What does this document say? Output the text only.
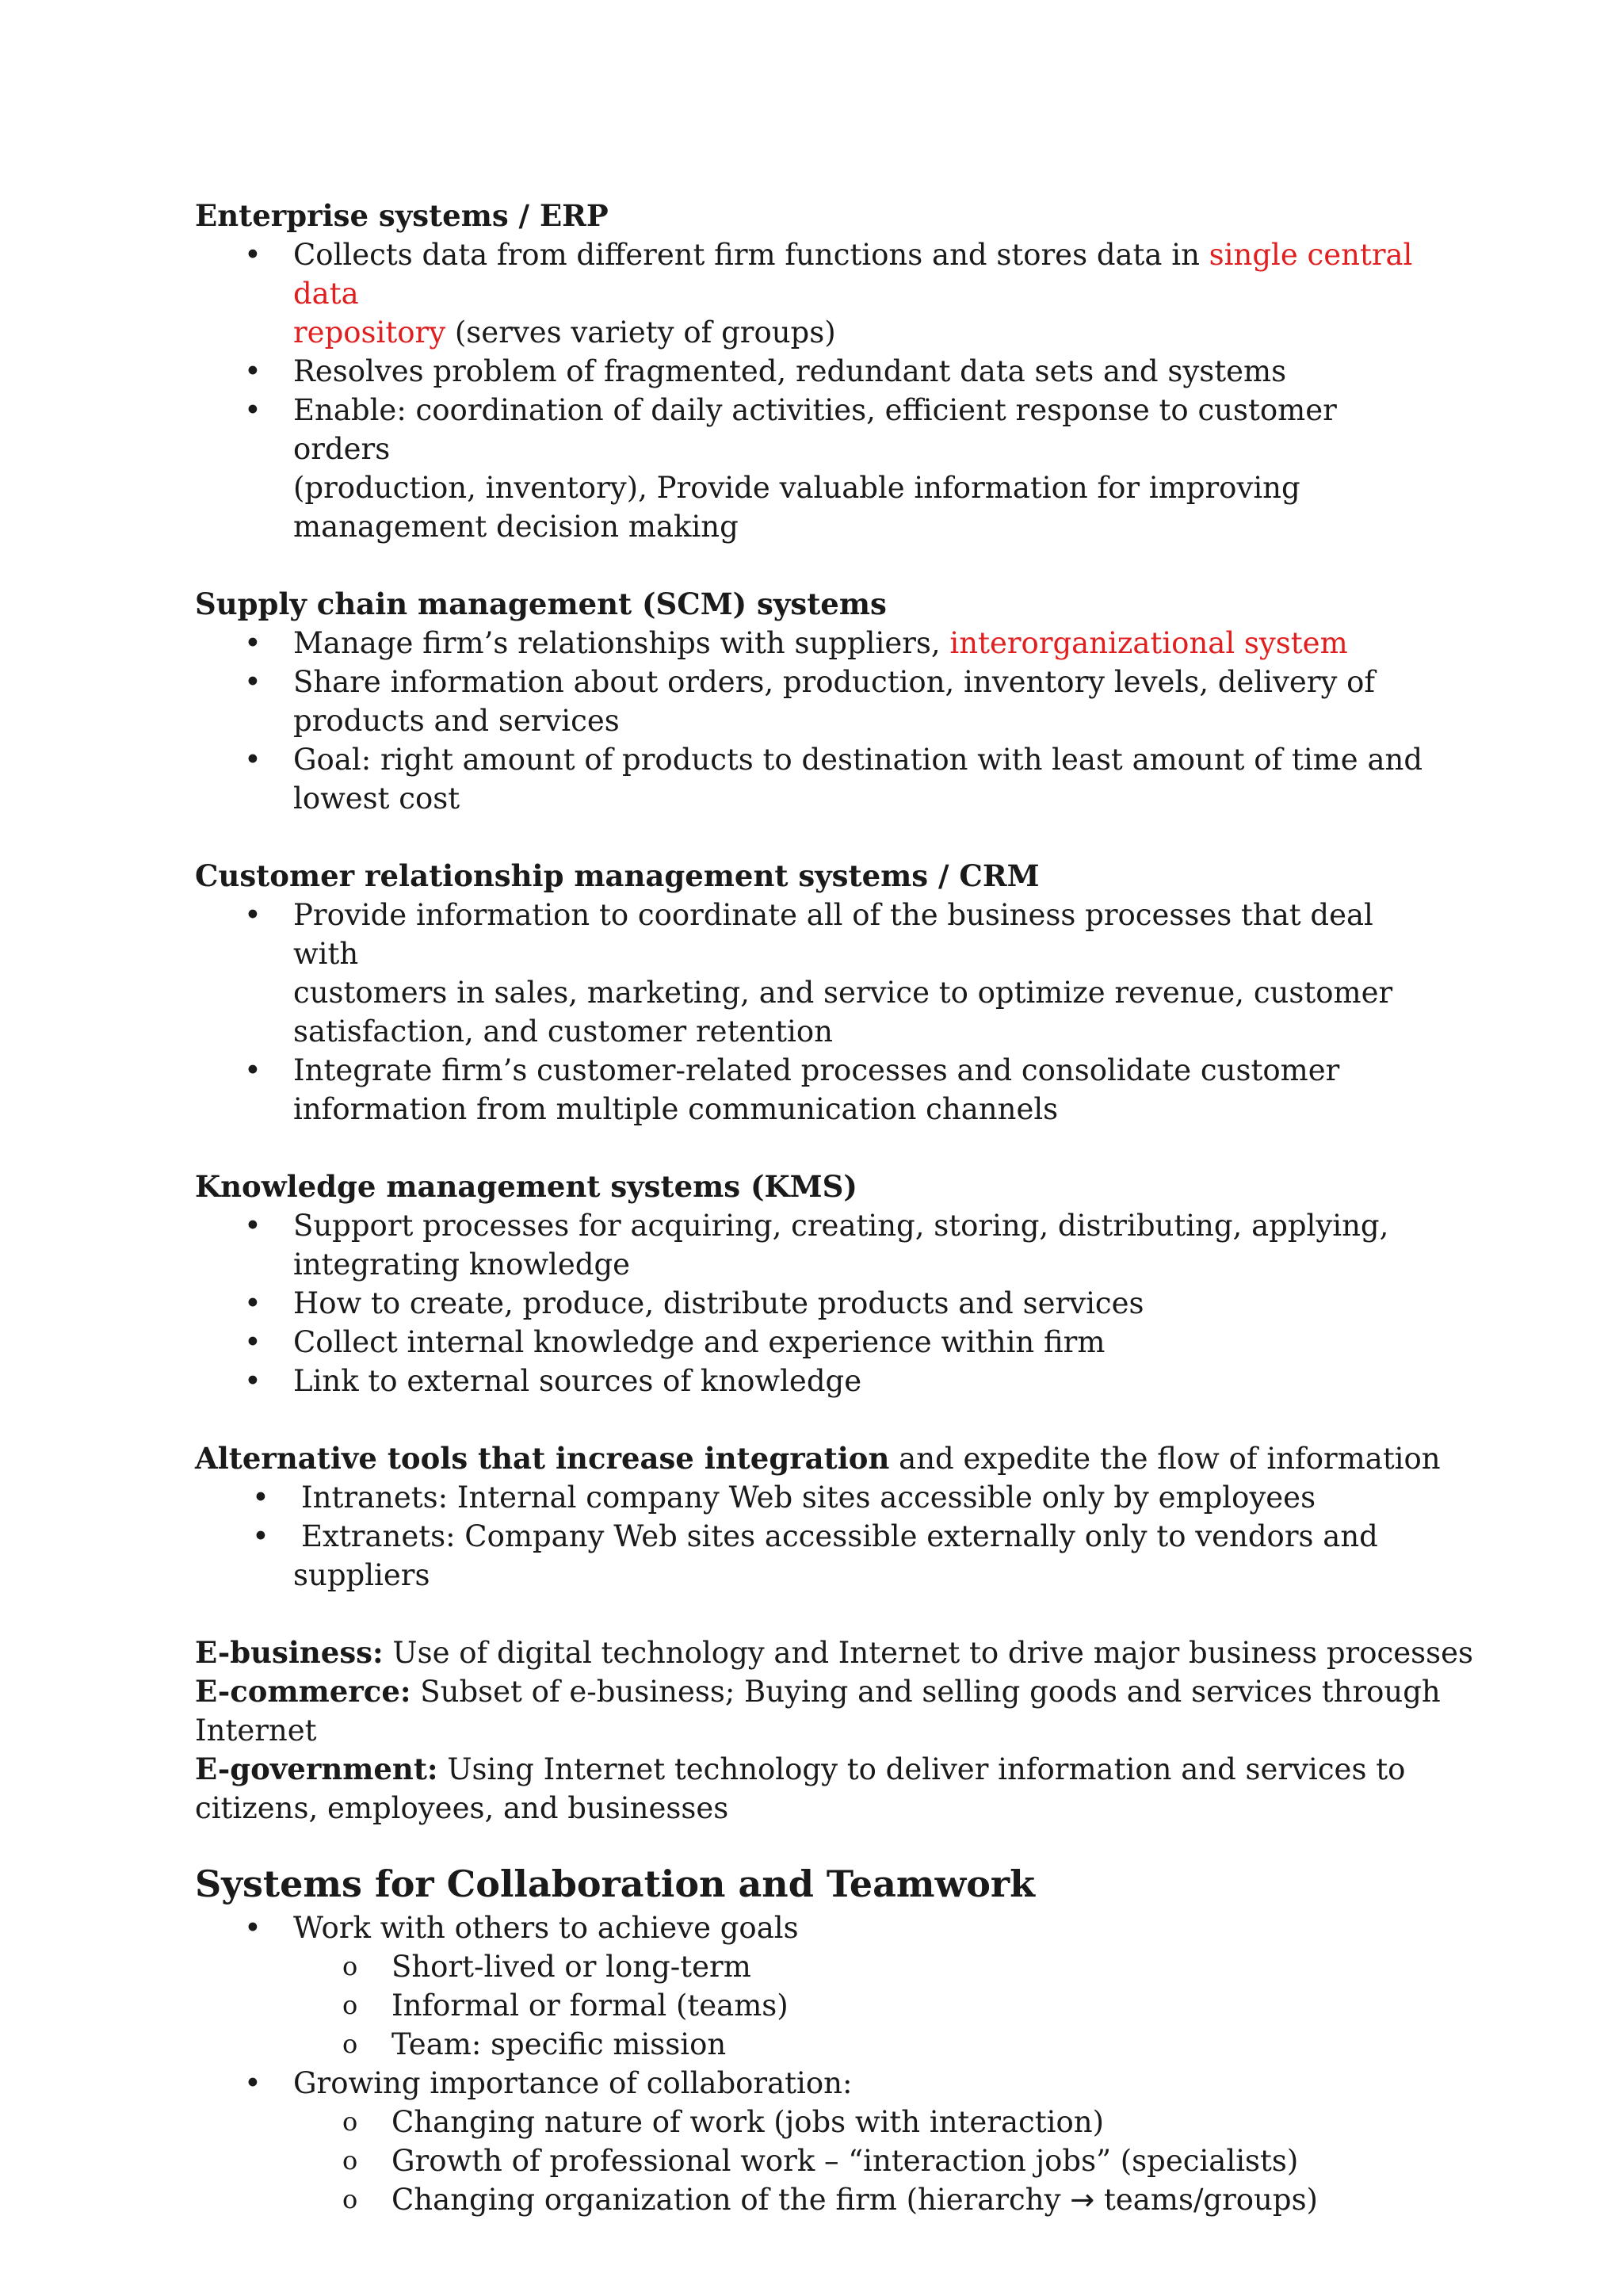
Enterprise systems / ERP

• Collects data from different firm functions and stores data in single central data
repository (serves variety of groups)
• Resolves problem of fragmented, redundant data sets and systems
• Enable: coordination of daily activities, efficient response to customer orders
(production, inventory), Provide valuable information for improving
management decision making

Supply chain management (SCM) systems

• Manage firm’s relationships with suppliers, interorganizational system
• Share information about orders, production, inventory levels, delivery of
products and services
• Goal: right amount of products to destination with least amount of time and
lowest cost

Customer relationship management systems / CRM

• Provide information to coordinate all of the business processes that deal with
customers in sales, marketing, and service to optimize revenue, customer
satisfaction, and customer retention
• Integrate firm’s customer-related processes and consolidate customer
information from multiple communication channels

Knowledge management systems (KMS)

• Support processes for acquiring, creating, storing, distributing, applying,
integrating knowledge
• How to create, produce, distribute products and services
• Collect internal knowledge and experience within firm
• Link to external sources of knowledge

Alternative tools that increase integration and expedite the flow of information

• Intranets: Internal company Web sites accessible only by employees
• Extranets: Company Web sites accessible externally only to vendors and
suppliers

E-business: Use of digital technology and Internet to drive major business processes

E-commerce: Subset of e-business; Buying and selling goods and services through
Internet

E-government: Using Internet technology to deliver information and services to
citizens, employees, and businesses

Systems for Collaboration and Teamwork

• Work with others to achieve goals
o Short-lived or long-term
o Informal or formal (teams)
o Team: specific mission
• Growing importance of collaboration:
o Changing nature of work (jobs with interaction)
o Growth of professional work – “interaction jobs” (specialists)
o Changing organization of the firm (hierarchy → teams/groups)
